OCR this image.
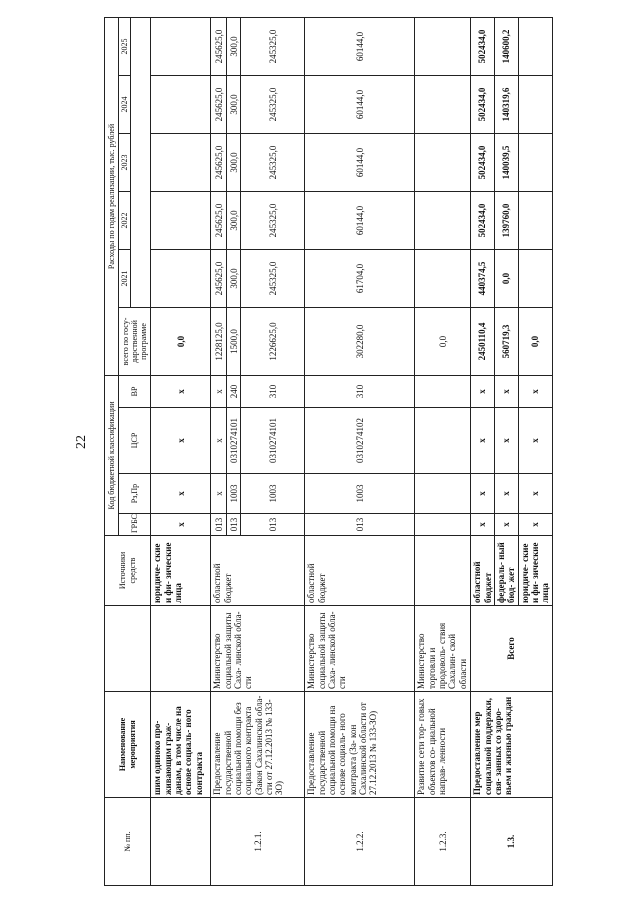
22
№ пп.	Наименование мероприятия		Источники средств	Код бюджетной классификации				Расходы по годам реализации, тыс. рублей					
				ГРБС	Рз,Пр	ЦСР	ВР	всего по госу- дарственной программе	2021	2022	2023	2024	2025

	шим одиноко про- живающим граж- данам, в том числе на основе социаль- ного контракта		юридиче- ские и фи- зические лица	x	x	x	x	0,0					
1.2.1.	Предоставление государственной социальной помощи без социального контракта (Закон Сахалинской обла- сти от 27.12.2013 № 133-ЗО)	Министерство социальной защиты Саха- линской обла- сти	областной бюджет	013	x	x	x	1228125,0	245625,0	245625,0	245625,0	245625,0	245625,0
				013	1003	0310274101	240	1500,0	300,0	300,0	300,0	300,0	300,0
				013	1003	0310274101	310	1226625,0	245325,0	245325,0	245325,0	245325,0	245325,0
1.2.2.	Предоставление государственной социальной помощи на основе социаль- ного контракта (За- кон Сахалинской области от 27.12.2013 № 133-ЗО)	Министерство социальной защиты Саха- линской обла- сти	областной бюджет	013	1003	0310274102	310	302280,0	61704,0	60144,0	60144,0	60144,0	60144,0
1.2.3.	Развитие сети тор- говых объектов со- циальной направ- ленности	Министерство торговли и продоволь- ствия Сахалин- ской области						0,0					
1.3.	Предоставление мер социальной поддержки, свя- занных со здоро- вьем и жизнью граждан	Всего	областной бюджет	x	x	x	x	2450110,4	440374,5	502434,0	502434,0	502434,0	502434,0
			федераль- ный бюд- жет	x	x	x	x	560719,3	0,0	139760,0	140039,5	140319,6	140600,2
			юридиче- ские и фи- зические лица	x	x	x	x	0,0					
